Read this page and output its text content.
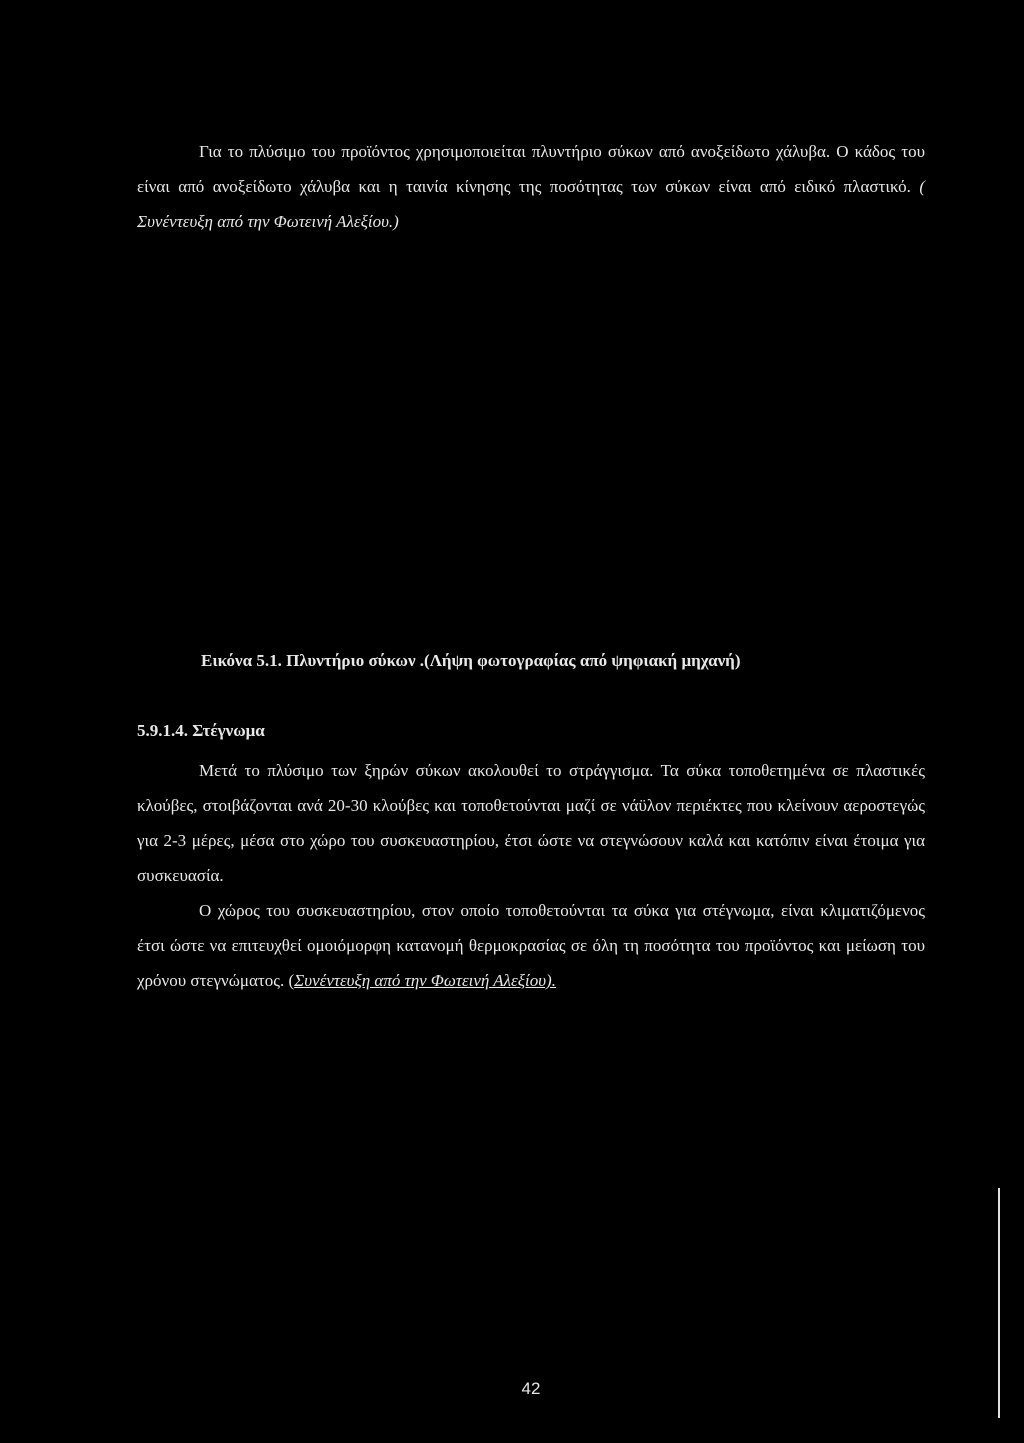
Για το πλύσιμο του προϊόντος χρησιμοποιείται πλυντήριο σύκων από ανοξείδωτο χάλυβα. Ο κάδος του είναι από ανοξείδωτο χάλυβα και η ταινία κίνησης της ποσότητας των σύκων είναι από ειδικό πλαστικό. ( Συνέντευξη από την Φωτεινή Αλεξίου.)

Εικόνα 5.1. Πλυντήριο σύκων .(Λήψη φωτογραφίας από ψηφιακή μηχανή)

5.9.1.4. Στέγνωμα

Μετά το πλύσιμο των ξηρών σύκων ακολουθεί το στράγγισμα. Τα σύκα τοποθετημένα σε πλαστικές κλούβες, στοιβάζονται ανά 20-30 κλούβες και τοποθετούνται μαζί σε νάϋλον περιέκτες που κλείνουν αεροστεγώς για 2-3 μέρες, μέσα στο χώρο του συσκευαστηρίου, έτσι ώστε να στεγνώσουν καλά και κατόπιν είναι έτοιμα για συσκευασία.

Ο χώρος του συσκευαστηρίου, στον οποίο τοποθετούνται τα σύκα για στέγνωμα, είναι κλιματιζόμενος έτσι ώστε να επιτευχθεί ομοιόμορφη κατανομή θερμοκρασίας σε όλη τη ποσότητα του προϊόντος και μείωση του χρόνου στεγνώματος. (Συνέντευξη από την Φωτεινή Αλεξίου).

42
